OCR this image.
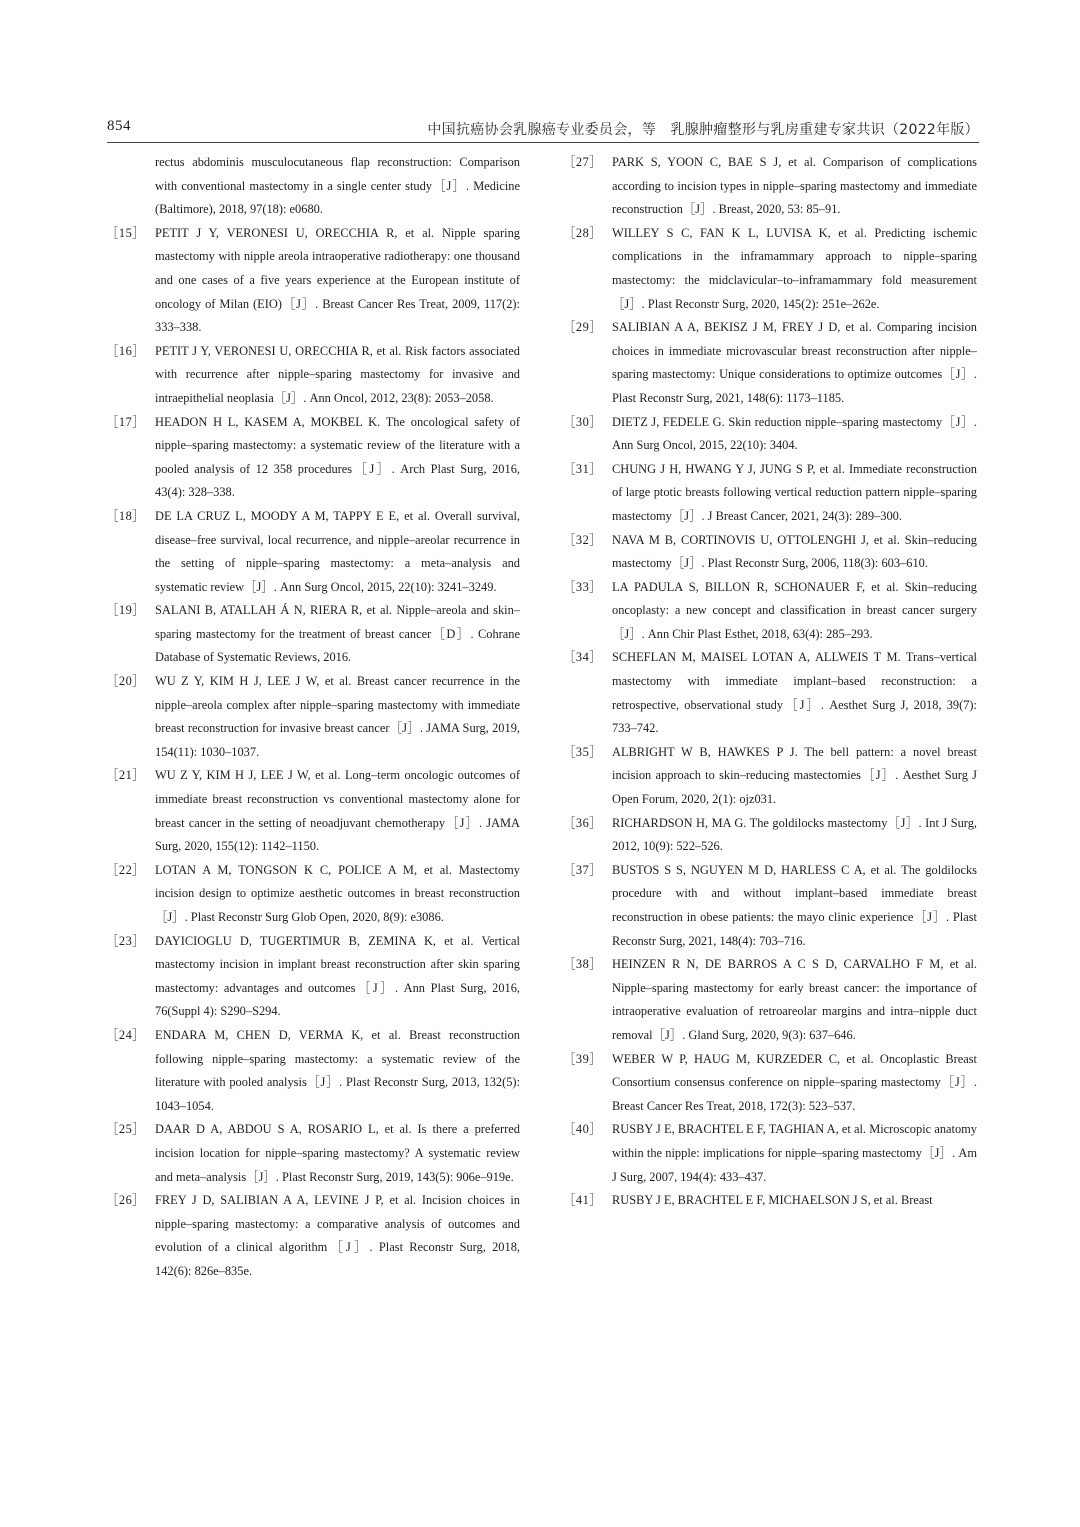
854	中国抗癌协会乳腺癌专业委员会，等　乳腺肿瘤整形与乳房重建专家共识（2022年版）

rectus abdominis musculocutaneous flap reconstruction: Comparison with conventional mastectomy in a single center study［J］. Medicine (Baltimore), 2018, 97(18): e0680.

［15］ PETIT J Y, VERONESI U, ORECCHIA R, et al. Nipple sparing mastectomy with nipple areola intraoperative radiotherapy: one thousand and one cases of a five years experience at the European institute of oncology of Milan (EIO)［J］. Breast Cancer Res Treat, 2009, 117(2): 333–338.

［16］ PETIT J Y, VERONESI U, ORECCHIA R, et al. Risk factors associated with recurrence after nipple–sparing mastectomy for invasive and intraepithelial neoplasia［J］. Ann Oncol, 2012, 23(8): 2053–2058.

［17］ HEADON H L, KASEM A, MOKBEL K. The oncological safety of nipple–sparing mastectomy: a systematic review of the literature with a pooled analysis of 12 358 procedures［J］. Arch Plast Surg, 2016, 43(4): 328–338.

［18］ DE LA CRUZ L, MOODY A M, TAPPY E E, et al. Overall survival, disease–free survival, local recurrence, and nipple–areolar recurrence in the setting of nipple–sparing mastectomy: a meta–analysis and systematic review［J］. Ann Surg Oncol, 2015, 22(10): 3241–3249.

［19］ SALANI B, ATALLAH Á N, RIERA R, et al. Nipple–areola and skin–sparing mastectomy for the treatment of breast cancer［D］. Cohrane Database of Systematic Reviews, 2016.

［20］ WU Z Y, KIM H J, LEE J W, et al. Breast cancer recurrence in the nipple–areola complex after nipple–sparing mastectomy with immediate breast reconstruction for invasive breast cancer［J］. JAMA Surg, 2019, 154(11): 1030–1037.

［21］ WU Z Y, KIM H J, LEE J W, et al. Long–term oncologic outcomes of immediate breast reconstruction vs conventional mastectomy alone for breast cancer in the setting of neoadjuvant chemotherapy［J］. JAMA Surg, 2020, 155(12): 1142–1150.

［22］ LOTAN A M, TONGSON K C, POLICE A M, et al. Mastectomy incision design to optimize aesthetic outcomes in breast reconstruction［J］. Plast Reconstr Surg Glob Open, 2020, 8(9): e3086.

［23］ DAYICIOGLU D, TUGERTIMUR B, ZEMINA K, et al. Vertical mastectomy incision in implant breast reconstruction after skin sparing mastectomy: advantages and outcomes［J］. Ann Plast Surg, 2016, 76(Suppl 4): S290–S294.

［24］ ENDARA M, CHEN D, VERMA K, et al. Breast reconstruction following nipple–sparing mastectomy: a systematic review of the literature with pooled analysis［J］. Plast Reconstr Surg, 2013, 132(5): 1043–1054.

［25］ DAAR D A, ABDOU S A, ROSARIO L, et al. Is there a preferred incision location for nipple–sparing mastectomy? A systematic review and meta–analysis［J］. Plast Reconstr Surg, 2019, 143(5): 906e–919e.

［26］ FREY J D, SALIBIAN A A, LEVINE J P, et al. Incision choices in nipple–sparing mastectomy: a comparative analysis of outcomes and evolution of a clinical algorithm［J］. Plast Reconstr Surg, 2018, 142(6): 826e–835e.

［27］ PARK S, YOON C, BAE S J, et al. Comparison of complications according to incision types in nipple–sparing mastectomy and immediate reconstruction［J］. Breast, 2020, 53: 85–91.

［28］ WILLEY S C, FAN K L, LUVISA K, et al. Predicting ischemic complications in the inframammary approach to nipple–sparing mastectomy: the midclavicular–to–inframammary fold measurement［J］. Plast Reconstr Surg, 2020, 145(2): 251e–262e.

［29］ SALIBIAN A A, BEKISZ J M, FREY J D, et al. Comparing incision choices in immediate microvascular breast reconstruction after nipple–sparing mastectomy: Unique considerations to optimize outcomes［J］. Plast Reconstr Surg, 2021, 148(6): 1173–1185.

［30］ DIETZ J, FEDELE G. Skin reduction nipple–sparing mastectomy［J］. Ann Surg Oncol, 2015, 22(10): 3404.

［31］ CHUNG J H, HWANG Y J, JUNG S P, et al. Immediate reconstruction of large ptotic breasts following vertical reduction pattern nipple–sparing mastectomy［J］. J Breast Cancer, 2021, 24(3): 289–300.

［32］ NAVA M B, CORTINOVIS U, OTTOLENGHI J, et al. Skin–reducing mastectomy［J］. Plast Reconstr Surg, 2006, 118(3): 603–610.

［33］ LA PADULA S, BILLON R, SCHONAUER F, et al. Skin–reducing oncoplasty: a new concept and classification in breast cancer surgery［J］. Ann Chir Plast Esthet, 2018, 63(4): 285–293.

［34］ SCHEFLAN M, MAISEL LOTAN A, ALLWEIS T M. Trans–vertical mastectomy with immediate implant–based reconstruction: a retrospective, observational study［J］. Aesthet Surg J, 2018, 39(7): 733–742.

［35］ ALBRIGHT W B, HAWKES P J. The bell pattern: a novel breast incision approach to skin–reducing mastectomies［J］. Aesthet Surg J Open Forum, 2020, 2(1): ojz031.

［36］ RICHARDSON H, MA G. The goldilocks mastectomy［J］. Int J Surg, 2012, 10(9): 522–526.

［37］ BUSTOS S S, NGUYEN M D, HARLESS C A, et al. The goldilocks procedure with and without implant–based immediate breast reconstruction in obese patients: the mayo clinic experience［J］. Plast Reconstr Surg, 2021, 148(4): 703–716.

［38］ HEINZEN R N, DE BARROS A C S D, CARVALHO F M, et al. Nipple–sparing mastectomy for early breast cancer: the importance of intraoperative evaluation of retroareolar margins and intra–nipple duct removal［J］. Gland Surg, 2020, 9(3): 637–646.

［39］ WEBER W P, HAUG M, KURZEDER C, et al. Oncoplastic Breast Consortium consensus conference on nipple–sparing mastectomy［J］. Breast Cancer Res Treat, 2018, 172(3): 523–537.

［40］ RUSBY J E, BRACHTEL E F, TAGHIAN A, et al. Microscopic anatomy within the nipple: implications for nipple–sparing mastectomy［J］. Am J Surg, 2007, 194(4): 433–437.

［41］ RUSBY J E, BRACHTEL E F, MICHAELSON J S, et al. Breast
